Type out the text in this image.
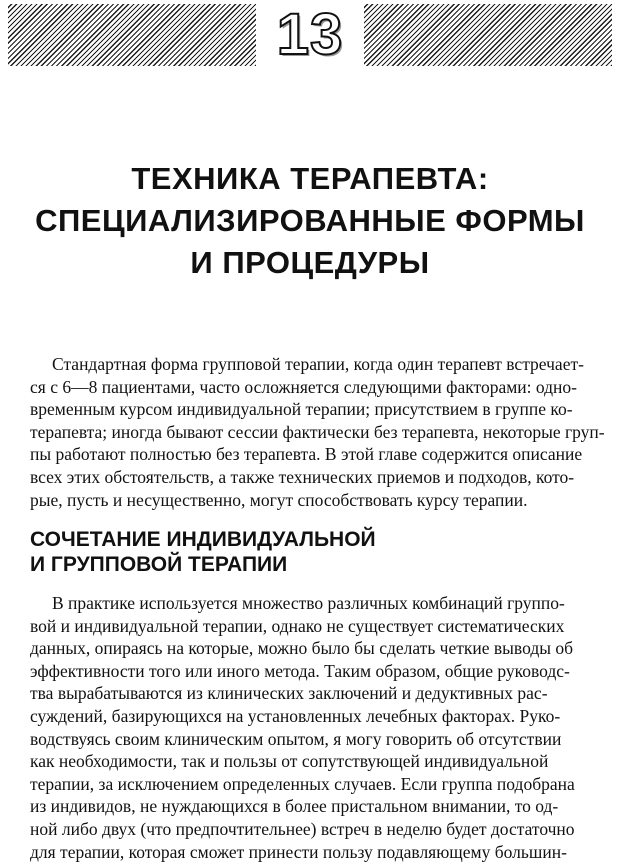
13
ТЕХНИКА ТЕРАПЕВТА:
СПЕЦИАЛИЗИРОВАННЫЕ ФОРМЫ
И ПРОЦЕДУРЫ
Стандартная форма групповой терапии, когда один терапевт встречает-
ся с 6—8 пациентами, часто осложняется следующими факторами: одно-
временным курсом индивидуальной терапии; присутствием в группе ко-
терапевта; иногда бывают сессии фактически без терапевта, некоторые груп-
пы работают полностью без терапевта. В этой главе содержится описание
всех этих обстоятельств, а также технических приемов и подходов, кото-
рые, пусть и несущественно, могут способствовать курсу терапии.
СОЧЕТАНИЕ ИНДИВИДУАЛЬНОЙ
И ГРУППОВОЙ ТЕРАПИИ
В практике используется множество различных комбинаций группо-
вой и индивидуальной терапии, однако не существует систематических
данных, опираясь на которые, можно было бы сделать четкие выводы об
эффективности того или иного метода. Таким образом, общие руководс-
тва вырабатываются из клинических заключений и дедуктивных рас-
суждений, базирующихся на установленных лечебных факторах. Руко-
водствуясь своим клиническим опытом, я могу говорить об отсутствии
как необходимости, так и пользы от сопутствующей индивидуальной
терапии, за исключением определенных случаев. Если группа подобрана
из индивидов, не нуждающихся в более пристальном внимании, то од-
ной либо двух (что предпочтительнее) встреч в неделю будет достаточно
для терапии, которая сможет принести пользу подавляющему большин-
